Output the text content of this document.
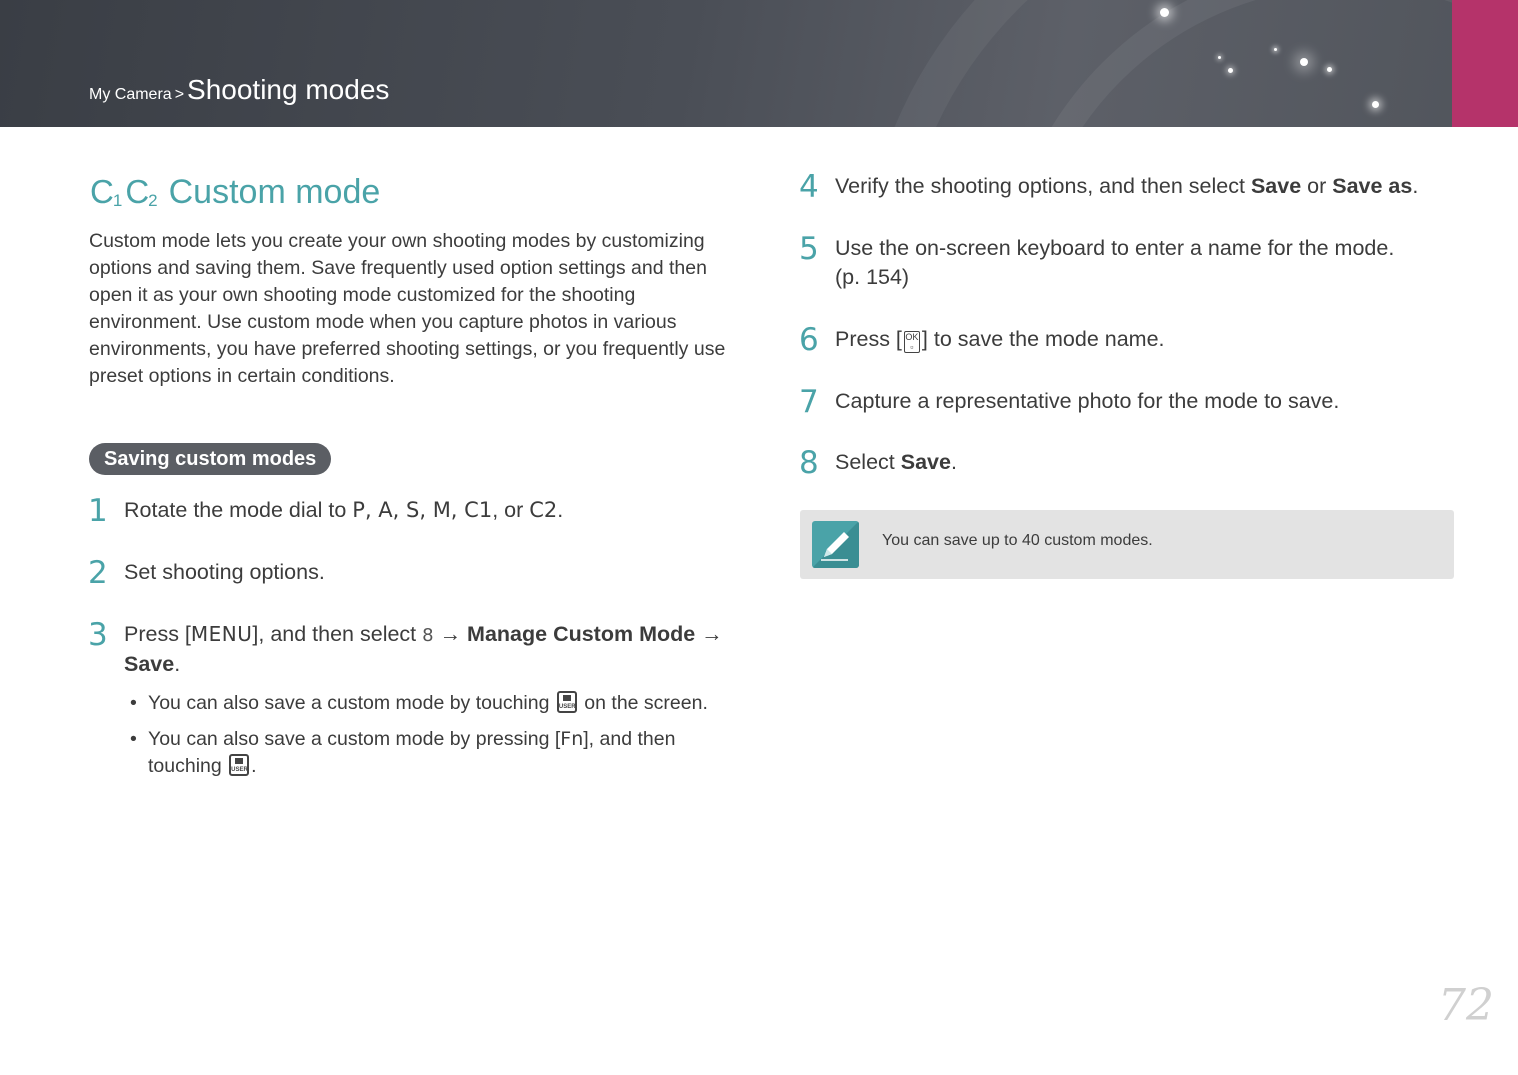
My Camera > Shooting modes
$C_1$ $C_2$ Custom mode

Custom mode lets you create your own shooting modes by customizing options and saving them. Save frequently used option settings and then open it as your own shooting mode customized for the shooting environment. Use custom mode when you capture photos in various environments, you have preferred shooting settings, or you frequently use preset options in certain conditions.

Saving custom modes
1 Rotate the mode dial to P, A, S, M, C1, or C2.
2 Set shooting options.
3 Press [MENU], and then select 8 → Manage Custom Mode → Save.
• You can also save a custom mode by touching USER on the screen.
• You can also save a custom mode by pressing [Fn], and then touching USER.
4 Verify the shooting options, and then select Save or Save as.
5 Use the on-screen keyboard to enter a name for the mode.
(p. 154)
6 Press [ OK
▫ ] to save the mode name.
7 Capture a representative photo for the mode to save.
8 Select Save.
You can save up to 40 custom modes.
72
